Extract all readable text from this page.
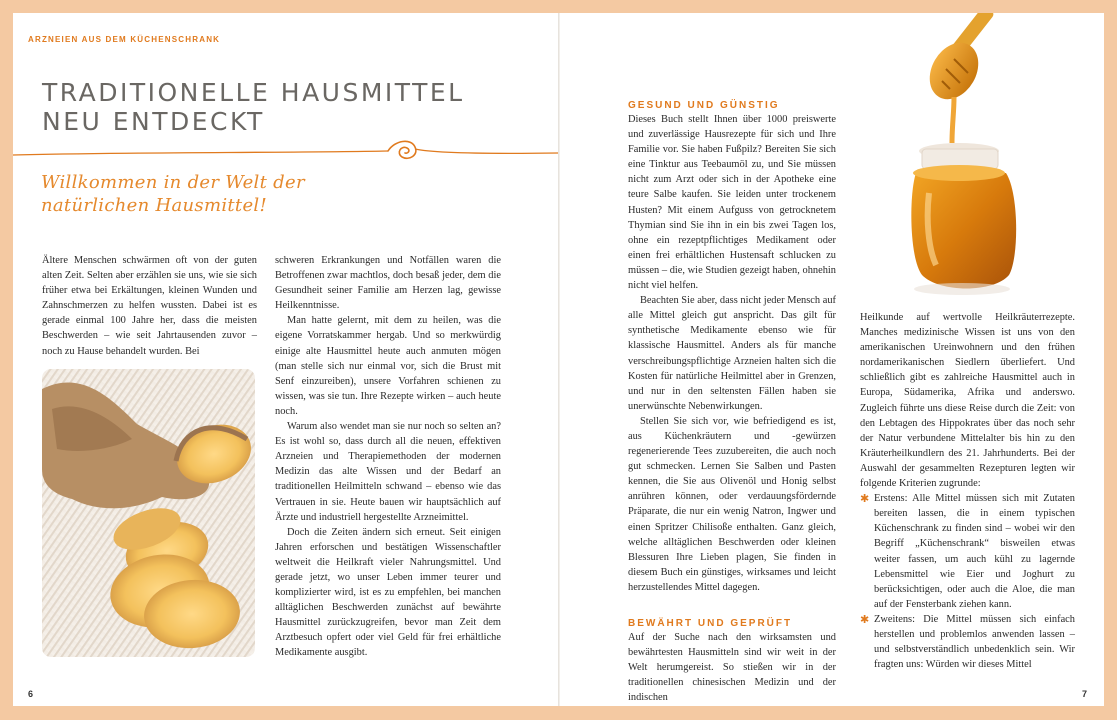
ARZNEIEN AUS DEM KÜCHENSCHRANK
TRADITIONELLE HAUSMITTEL
NEU ENTDECKT
Willkommen in der Welt der
natürlichen Hausmittel!

Ältere Menschen schwärmen oft von der guten alten Zeit. Selten aber erzählen sie uns, wie sie sich früher etwa bei Erkältungen, kleinen Wunden und Zahnschmerzen zu helfen wussten. Dabei ist es gerade einmal 100 Jahre her, dass die meisten Beschwerden – wie seit Jahrtausenden zuvor – noch zu Hause behandelt wurden. Bei

schweren Erkrankungen und Notfällen waren die Betroffenen zwar machtlos, doch besaß jeder, dem die Gesundheit seiner Familie am Herzen lag, gewisse Heilkenntnisse.

Man hatte gelernt, mit dem zu heilen, was die eigene Vorratskammer hergab. Und so merkwürdig einige alte Hausmittel heute auch anmuten mögen (man stelle sich nur einmal vor, sich die Brust mit Senf einzureiben), unsere Vorfahren schienen zu wissen, was sie tun. Ihre Rezepte wirken – auch heute noch.

Warum also wendet man sie nur noch so selten an? Es ist wohl so, dass durch all die neuen, effektiven Arzneien und Therapiemethoden der modernen Medizin das alte Wissen und der Bedarf an traditionellen Heilmitteln schwand – ebenso wie das Vertrauen in sie. Heute bauen wir hauptsächlich auf Ärzte und industriell hergestellte Arzneimittel.

Doch die Zeiten ändern sich erneut. Seit einigen Jahren erforschen und bestätigen Wissenschaftler weltweit die Heilkraft vieler Nahrungsmittel. Und gerade jetzt, wo unser Leben immer teurer und komplizierter wird, ist es zu empfehlen, bei manchen alltäglichen Beschwerden zunächst auf bewährte Hausmittel zurückzugreifen, bevor man Zeit dem Arztbesuch opfert oder viel Geld für frei erhältliche Medikamente ausgibt.

6
GESUND UND GÜNSTIG

Dieses Buch stellt Ihnen über 1000 preiswerte und zuverlässige Hausrezepte für sich und Ihre Familie vor. Sie haben Fußpilz? Bereiten Sie sich eine Tinktur aus Teebaumöl zu, und Sie müssen nicht zum Arzt oder sich in der Apotheke eine teure Salbe kaufen. Sie leiden unter trockenem Husten? Mit einem Aufguss von getrocknetem Thymian sind Sie ihn in ein bis zwei Tagen los, ohne ein rezeptpflichtiges Medikament oder einen frei erhältlichen Hustensaft schlucken zu müssen – die, wie Studien gezeigt haben, ohnehin nicht viel helfen.

Beachten Sie aber, dass nicht jeder Mensch auf alle Mittel gleich gut anspricht. Das gilt für synthetische Medikamente ebenso wie für klassische Hausmittel. Anders als für manche verschreibungspflichtige Arzneien halten sich die Kosten für natürliche Heilmittel aber in Grenzen, und nur in den seltensten Fällen haben sie unerwünschte Nebenwirkungen.

Stellen Sie sich vor, wie befriedigend es ist, aus Küchenkräutern und -gewürzen regenerierende Tees zuzubereiten, die auch noch gut schmecken. Lernen Sie Salben und Pasten kennen, die Sie aus Olivenöl und Honig selbst anrühren können, oder verdauungsfördernde Präparate, die nur ein wenig Natron, Ingwer und einen Spritzer Chilisoße enthalten. Ganz gleich, welche alltäglichen Beschwerden oder kleinen Blessuren Ihre Lieben plagen, Sie finden in diesem Buch ein günstiges, wirksames und leicht herzustellendes Mittel dagegen.

BEWÄHRT UND GEPRÜFT

Auf der Suche nach den wirksamsten und bewährtesten Hausmitteln sind wir weit in der Welt herumgereist. So stießen wir in der traditionellen chinesischen Medizin und der indischen

Heilkunde auf wertvolle Heilkräuterrezepte. Manches medizinische Wissen ist uns von den amerikanischen Ureinwohnern und den frühen nordamerikanischen Siedlern überliefert. Und schließlich gibt es zahlreiche Hausmittel auch in Europa, Südamerika, Afrika und anderswo. Zugleich führte uns diese Reise durch die Zeit: von den Lebtagen des Hippokrates über das noch sehr der Natur verbundene Mittelalter bis hin zu den Kräuterheilkundlern des 21. Jahrhunderts. Bei der Auswahl der gesammelten Rezepturen legten wir folgende Kriterien zugrunde:

✱ Erstens: Alle Mittel müssen sich mit Zutaten bereiten lassen, die in einem typischen Küchenschrank zu finden sind – wobei wir den Begriff „Küchenschrank“ bisweilen etwas weiter fassen, um auch kühl zu lagernde Lebensmittel wie Eier und Joghurt zu berücksichtigen, oder auch die Aloe, die man auf der Fensterbank ziehen kann.
✱ Zweitens: Die Mittel müssen sich einfach herstellen und problemlos anwenden lassen – und selbstverständlich unbedenklich sein. Wir fragten uns: Würden wir dieses Mittel
7
